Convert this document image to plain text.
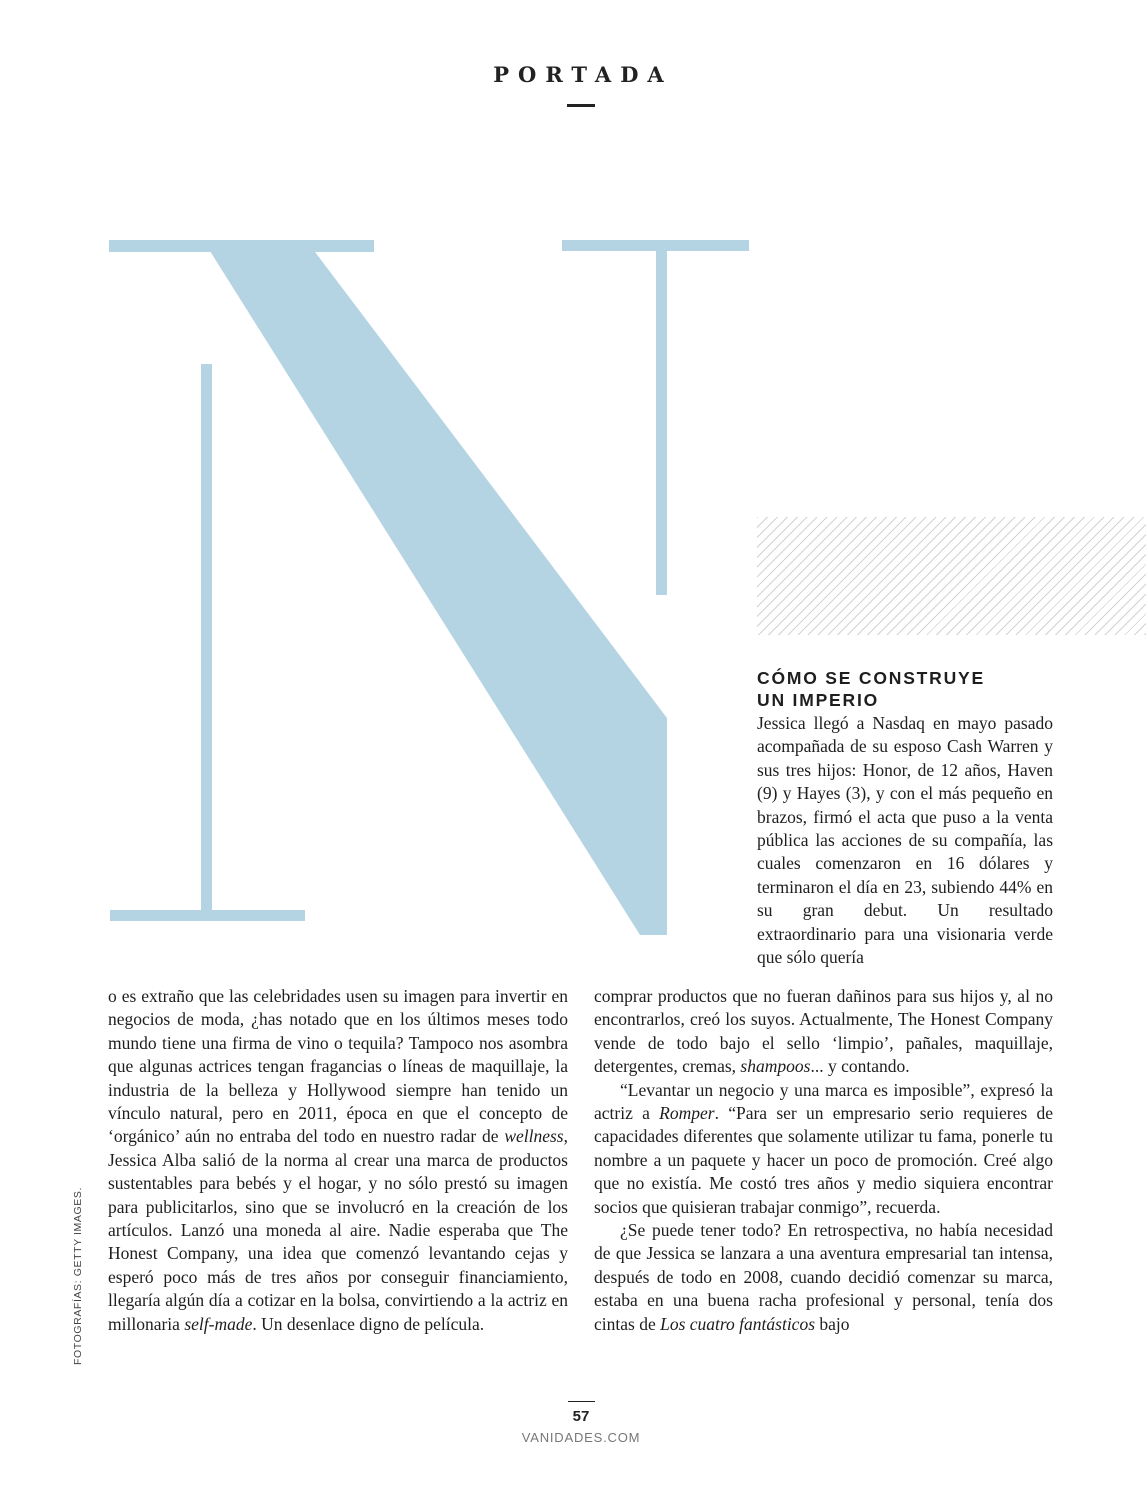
PORTADA
CÓMO SE CONSTRUYE
UN IMPERIO

Jessica llegó a Nasdaq en mayo pasado acompañada de su esposo Cash Warren y sus tres hijos: Honor, de 12 años, Haven (9) y Hayes (3), y con el más pequeño en brazos, firmó el acta que puso a la venta pública las acciones de su compañía, las cuales comenzaron en 16 dólares y terminaron el día en 23, subiendo 44% en su gran debut. Un resultado extraordinario para una visionaria verde que sólo quería

o es extraño que las celebridades usen su imagen para invertir en negocios de moda, ¿has notado que en los últimos meses todo mundo tiene una firma de vino o tequila? Tampoco nos asombra que algunas actrices tengan fragancias o líneas de maquillaje, la industria de la belleza y Hollywood siempre han tenido un vínculo natural, pero en 2011, época en que el concepto de ‘orgánico’ aún no entraba del todo en nuestro radar de wellness, Jessica Alba salió de la norma al crear una marca de productos sustentables para bebés y el hogar, y no sólo prestó su imagen para publicitarlos, sino que se involucró en la creación de los artículos. Lanzó una moneda al aire. Nadie esperaba que The Honest Company, una idea que comenzó levantando cejas y esperó poco más de tres años por conseguir financiamiento, llegaría algún día a cotizar en la bolsa, convirtiendo a la actriz en millonaria self-made. Un desenlace digno de película.

comprar productos que no fueran dañinos para sus hijos y, al no encontrarlos, creó los suyos. Actualmente, The Honest Company vende de todo bajo el sello ‘limpio’, pañales, maquillaje, detergentes, cremas, shampoos... y contando.

“Levantar un negocio y una marca es imposible”, expresó la actriz a Romper. “Para ser un empresario serio requieres de capacidades diferentes que solamente utilizar tu fama, ponerle tu nombre a un paquete y hacer un poco de promoción. Creé algo que no existía. Me costó tres años y medio siquiera encontrar socios que quisieran trabajar conmigo”, recuerda.

¿Se puede tener todo? En retrospectiva, no había necesidad de que Jessica se lanzara a una aventura empresarial tan intensa, después de todo en 2008, cuando decidió comenzar su marca, estaba en una buena racha profesional y personal, tenía dos cintas de Los cuatro fantásticos bajo

FOTOGRAFÍAS: GETTY IMAGES.
57
VANIDADES.COM
